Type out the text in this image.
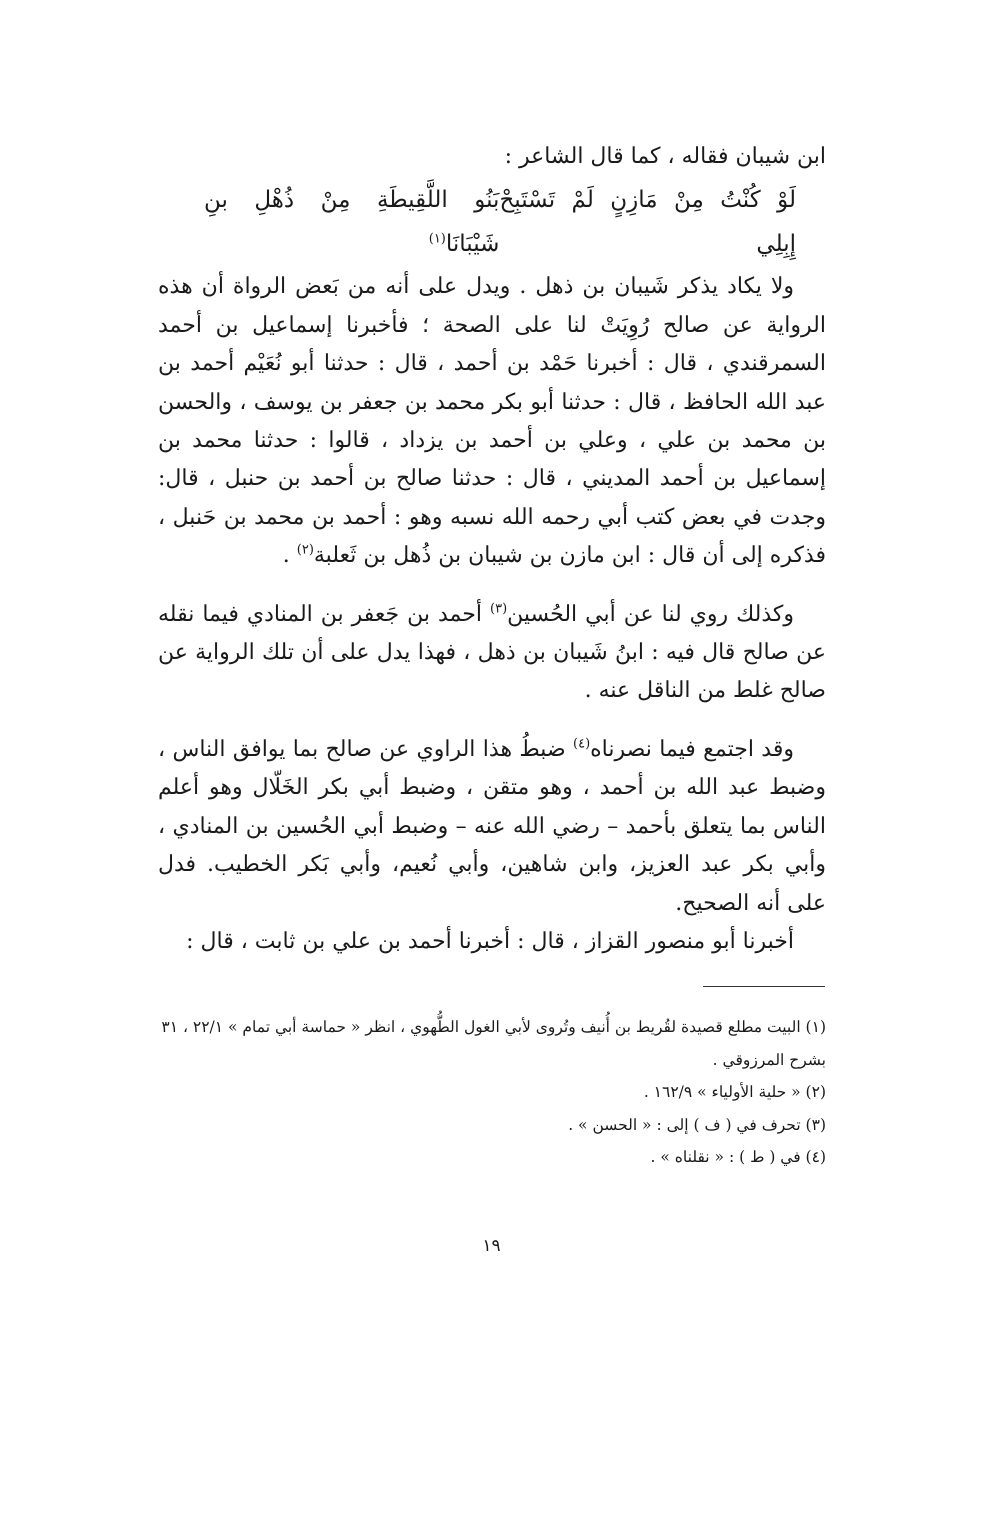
ابن شيبان فقاله ، كما قال الشاعر :

لَوْ كُنْتُ مِنْ مَازِنٍ لَمْ تَسْتَبِحْ إِبِلِي
بَنُو اللَّقِيطَةِ مِنْ ذُهْلِ بنِ شَيْبَانَا$^{(١)}$

ولا يكاد يذكر شَيبان بن ذهل . ويدل على أنه من بَعض الرواة أن هذه الرواية عن صالح رُوِيَتْ لنا على الصحة ؛ فأخبرنا إسماعيل بن أحمد السمرقندي ، قال : أخبرنا حَمْد بن أحمد ، قال : حدثنا أبو نُعَيْم أحمد بن عبد الله الحافظ ، قال : حدثنا أبو بكر محمد بن جعفر بن يوسف ، والحسن بن محمد بن علي ، وعلي بن أحمد بن يزداد ، قالوا : حدثنا محمد بن إسماعيل بن أحمد المديني ، قال : حدثنا صالح بن أحمد بن حنبل ، قال: وجدت في بعض كتب أبي رحمه الله نسبه وهو : أحمد بن محمد بن حَنبل ، فذكره إلى أن قال : ابن مازن بن شيبان بن ذُهل بن ثَعلبة$^{(٢)}$ .

وكذلك روي لنا عن أبي الحُسين$^{(٣)}$ أحمد بن جَعفر بن المنادي فيما نقله عن صالح قال فيه : ابنُ شَيبان بن ذهل ، فهذا يدل على أن تلك الرواية عن صالح غلط من الناقل عنه .

وقد اجتمع فيما نصرناه$^{(٤)}$ ضبطُ هذا الراوي عن صالح بما يوافق الناس ، وضبط عبد الله بن أحمد ، وهو متقن ، وضبط أبي بكر الخَلّال وهو أعلم الناس بما يتعلق بأحمد – رضي الله عنه – وضبط أبي الحُسين بن المنادي ، وأبي بكر عبد العزيز، وابن شاهين، وأبي نُعيم، وأبي بَكر الخطيب. فدل على أنه الصحيح.

أخبرنا أبو منصور القزاز ، قال : أخبرنا أحمد بن علي بن ثابت ، قال :

(١) البيت مطلع قصيدة لقُريط بن أُنيف وتُروى لأبي الغول الطُّهوي ، انظر « حماسة أبي تمام » ٢٢/١ ، ٣١ بشرح المرزوقي .
(٢) « حلية الأولياء » ١٦٢/٩ .
(٣) تحرف في ( ف ) إلى : « الحسن » .
(٤) في ( ط ) : « نقلناه » .
١٩
